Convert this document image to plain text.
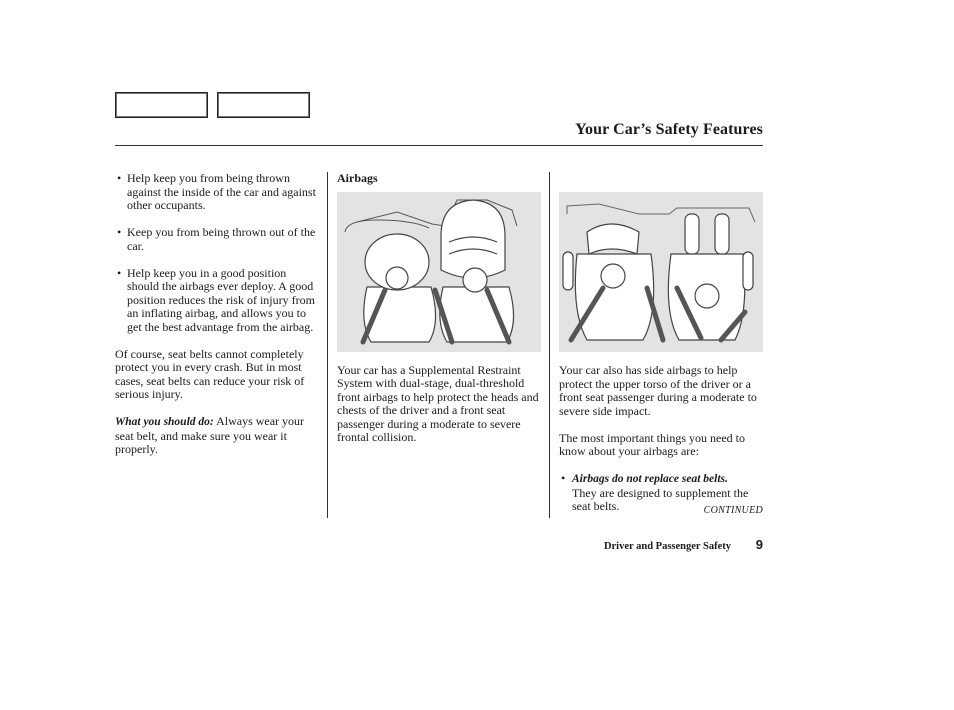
Your Car’s Safety Features
• Help keep you from being thrown against the inside of the car and against other occupants.
• Keep you from being thrown out of the car.
• Help keep you in a good position should the airbags ever deploy. A good position reduces the risk of injury from an inflating airbag, and allows you to get the best advantage from the airbag.
Of course, seat belts cannot completely protect you in every crash. But in most cases, seat belts can reduce your risk of serious injury.
What you should do: Always wear your seat belt, and make sure you wear it properly.
Airbags
Your car has a Supplemental Restraint System with dual-stage, dual-threshold front airbags to help protect the heads and chests of the driver and a front seat passenger during a moderate to severe frontal collision.
Your car also has side airbags to help protect the upper torso of the driver or a front seat passenger during a moderate to severe side impact.
The most important things you need to know about your airbags are:
• Airbags do not replace seat belts.
They are designed to supplement the seat belts.	CONTINUED
Driver and Passenger Safety 9
